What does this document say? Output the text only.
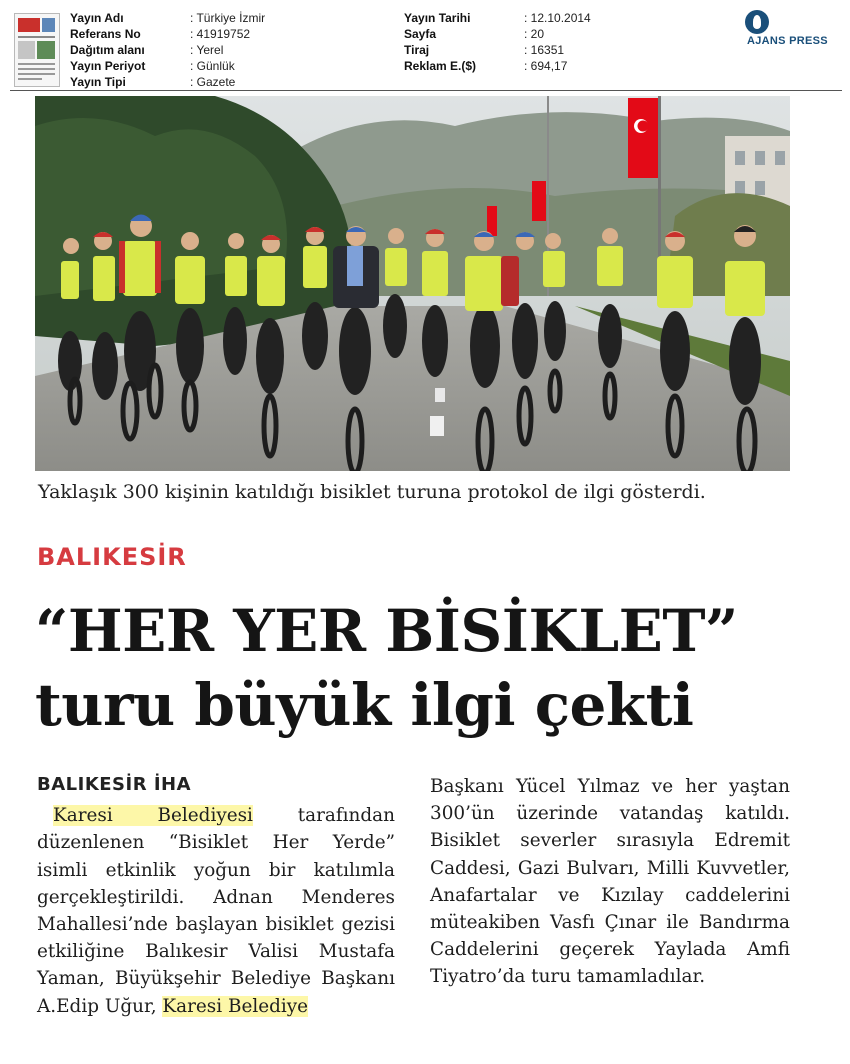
Yayın Adı	: Türkiye İzmir
Referans No	: 41919752
Dağıtım alanı	: Yerel
Yayın Periyot	: Günlük
Yayın Tipi	: Gazete
Yayın Tarihi	: 12.10.2014
Sayfa	: 20
Tiraj	: 16351
Reklam E.($)	: 694,17
AJANS PRESS
Yaklaşık 300 kişinin katıldığı bisiklet turuna protokol de ilgi gösterdi.
BALIKESİR
“HER YER BİSİKLET”
turu büyük ilgi çekti
BALIKESİR İHA
Karesi Belediyesi tarafından düzenlenen “Bisiklet Her Yerde” isimli etkinlik yoğun bir katılımla gerçekleştirildi. Adnan Menderes Mahallesi’nde başlayan bisiklet gezisi etkiliğine Balıkesir Valisi Mustafa Yaman, Büyükşehir Belediye Başkanı A.Edip Uğur, Karesi Belediye
Başkanı Yücel Yılmaz ve her yaştan 300’ün üzerinde vatandaş katıldı. Bisiklet severler sırasıyla Edremit Caddesi, Gazi Bulvarı, Milli Kuvvetler, Anafartalar ve Kızılay caddelerini müteakiben Vasfı Çınar ile Bandırma Caddelerini geçerek Yaylada Amfi Tiyatro’da turu tamamladılar.
